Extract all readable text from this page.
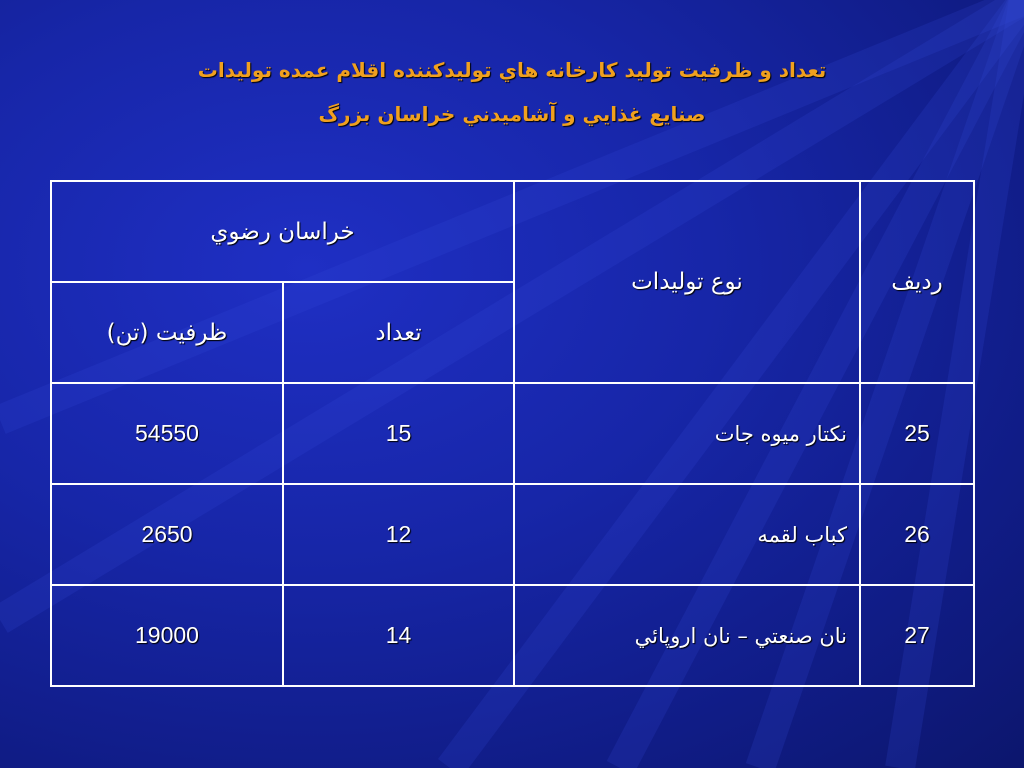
تعداد و ظرفيت توليد كارخانه هاي توليدكننده اقلام عمده توليدات
صنايع غذايي و آشاميدني خراسان بزرگ
رديف	نوع توليدات	خراسان رضوي	
		تعداد	ظرفيت (تن)
25	نكتار ميوه جات	15	54550
26	كباب لقمه	12	2650
27	نان صنعتي – نان اروپائي	14	19000
